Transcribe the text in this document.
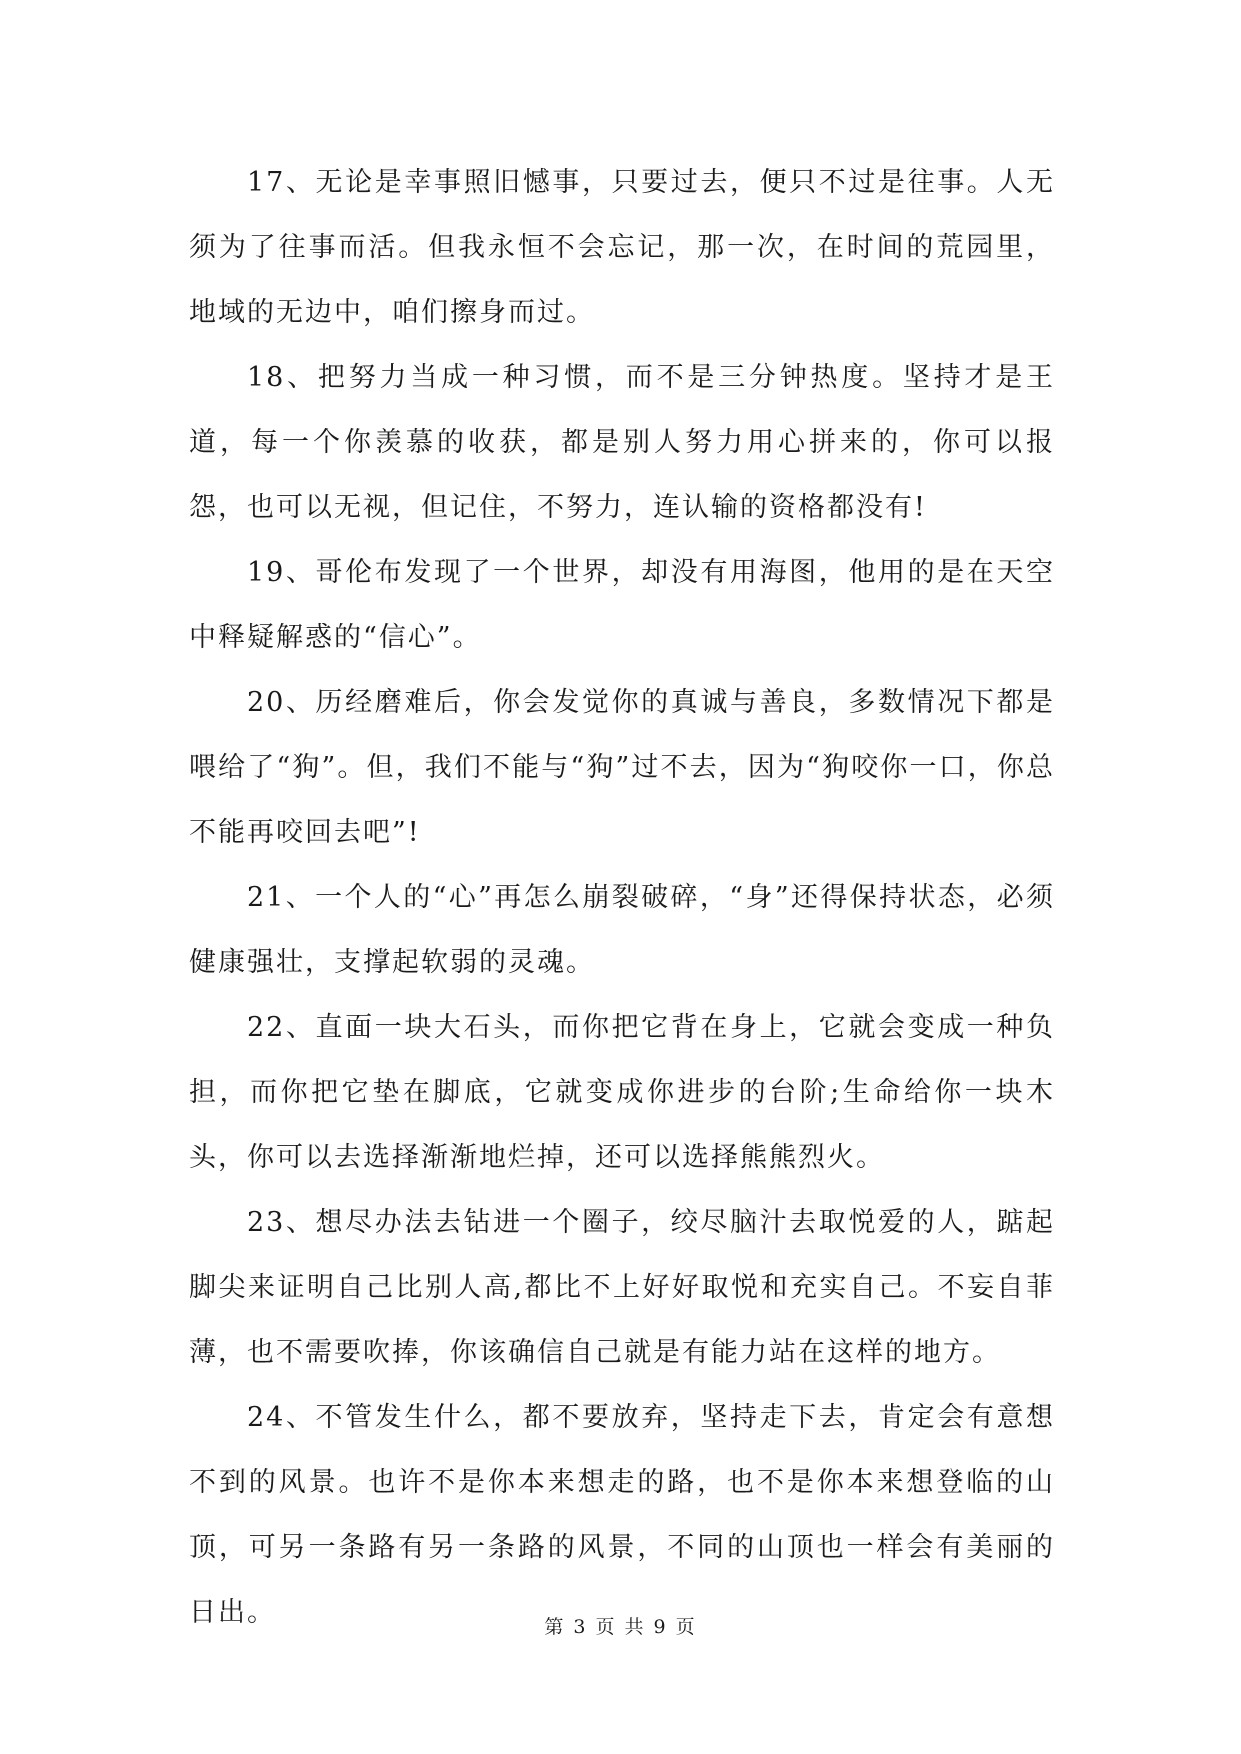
17、无论是幸事照旧憾事，只要过去，便只不过是往事。人无须为了往事而活。但我永恒不会忘记，那一次，在时间的荒园里，地域的无边中，咱们擦身而过。

18、把努力当成一种习惯，而不是三分钟热度。坚持才是王道，每一个你羡慕的收获，都是别人努力用心拼来的，你可以报怨，也可以无视，但记住，不努力，连认输的资格都没有!

19、哥伦布发现了一个世界，却没有用海图，他用的是在天空中释疑解惑的“信心”。

20、历经磨难后，你会发觉你的真诚与善良，多数情况下都是喂给了“狗”。但，我们不能与“狗”过不去，因为“狗咬你一口，你总不能再咬回去吧”!

21、一个人的“心”再怎么崩裂破碎，“身”还得保持状态，必须健康强壮，支撑起软弱的灵魂。

22、直面一块大石头，而你把它背在身上，它就会变成一种负担，而你把它垫在脚底，它就变成你进步的台阶;生命给你一块木头，你可以去选择渐渐地烂掉，还可以选择熊熊烈火。

23、想尽办法去钻进一个圈子，绞尽脑汁去取悦爱的人，踮起脚尖来证明自己比别人高,都比不上好好取悦和充实自己。不妄自菲薄，也不需要吹捧，你该确信自己就是有能力站在这样的地方。

24、不管发生什么，都不要放弃，坚持走下去，肯定会有意想不到的风景。也许不是你本来想走的路，也不是你本来想登临的山顶，可另一条路有另一条路的风景，不同的山顶也一样会有美丽的日出。	第 3 页 共 9 页
